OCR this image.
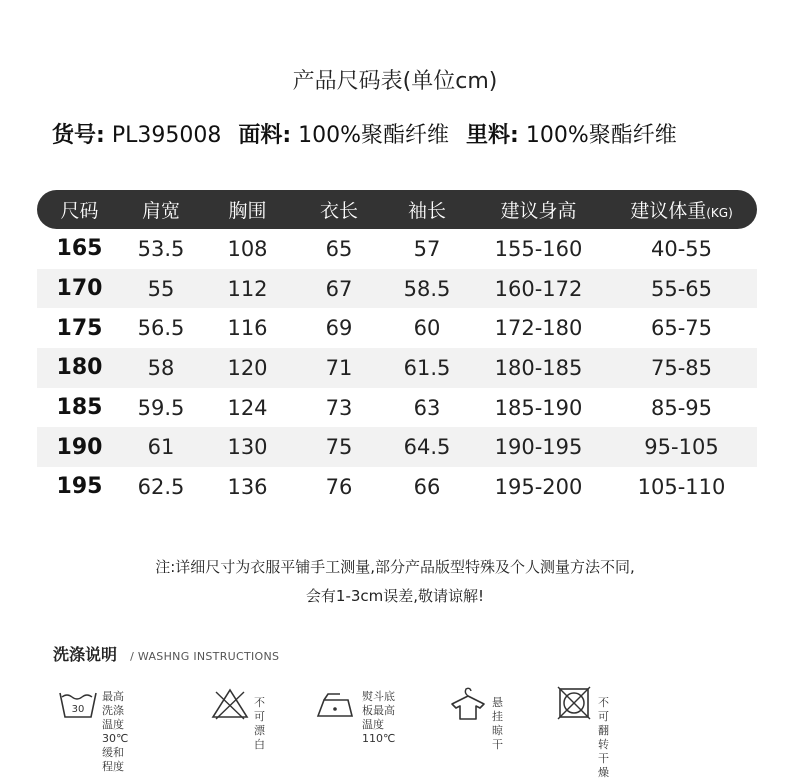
产品尺码表(单位cm)
货号: PL395008 面料: 100%聚酯纤维 里料: 100%聚酯纤维
尺码	肩宽	胸围	衣长	袖长	建议身高	建议体重(KG)
165	53.5	108	65	57	155-160	40-55
170	55	112	67	58.5	160-172	55-65
175	56.5	116	69	60	172-180	65-75
180	58	120	71	61.5	180-185	75-85
185	59.5	124	73	63	185-190	85-95
190	61	130	75	64.5	190-195	95-105
195	62.5	136	76	66	195-200	105-110
注:详细尺寸为衣服平铺手工测量,部分产品版型特殊及个人测量方法不同,
会有1-3cm误差,敬请谅解!
洗涤说明 / WASHNG INSTRUCTIONS
30
最高洗涤温度30℃
缓和程度
不可漂白
熨斗底板最高
温度110℃
悬挂晾干
不可翻转干燥
